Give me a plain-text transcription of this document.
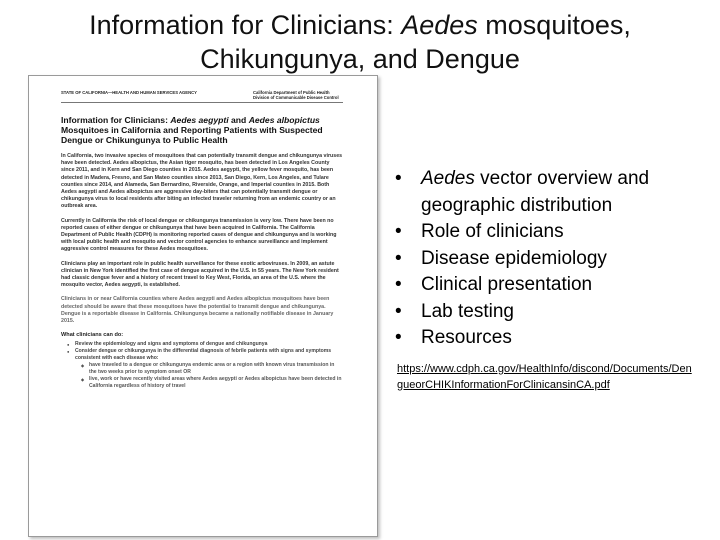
Information for Clinicians: Aedes mosquitoes,
Chikungunya, and Dengue
STATE OF CALIFORNIA—HEALTH AND HUMAN SERVICES AGENCY	California Department of Public Health
Division of Communicable Disease Control
Information for Clinicians: Aedes aegypti and Aedes albopictus Mosquitoes in California and Reporting Patients with Suspected Dengue or Chikungunya to Public Health
In California, two invasive species of mosquitoes that can potentially transmit dengue and chikungunya viruses have been detected. Aedes albopictus, the Asian tiger mosquito, has been detected in Los Angeles County since 2011, and in Kern and San Diego counties in 2015. Aedes aegypti, the yellow fever mosquito, has been detected in Madera, Fresno, and San Mateo counties since 2013, San Diego, Kern, Los Angeles, and Tulare counties since 2014, and Alameda, San Bernardino, Riverside, Orange, and Imperial counties in 2015. Both Aedes aegypti and Aedes albopictus are aggressive day-biters that can potentially transmit dengue or chikungunya virus to local residents after biting an infected traveler returning from an endemic country or an outbreak area.
Currently in California the risk of local dengue or chikungunya transmission is very low. There have been no reported cases of either dengue or chikungunya that have been acquired in California. The California Department of Public Health (CDPH) is monitoring reported cases of dengue and chikungunya and is working with local public health and mosquito and vector control agencies to enhance surveillance and implement aggressive control measures for these Aedes mosquitoes.
Clinicians play an important role in public health surveillance for these exotic arboviruses. In 2009, an astute clinician in New York identified the first case of dengue acquired in the U.S. in 55 years. The New York resident had classic dengue fever and a history of recent travel to Key West, Florida, an area of the U.S. where the mosquito vector, Aedes aegypti, is established.
Clinicians in or near California counties where Aedes aegypti and Aedes albopictus mosquitoes have been detected should be aware that these mosquitoes have the potential to transmit dengue and chikungunya. Dengue is a reportable disease in California. Chikungunya became a nationally notifiable disease in January 2015.
What clinicians can do:
● Review the epidemiology and signs and symptoms of dengue and chikungunya
● Consider dengue or chikungunya in the differential diagnosis of febrile patients with signs and symptoms consistent with each disease who:
◆ have traveled to a dengue or chikungunya endemic area or a region with known virus transmission in the two weeks prior to symptom onset OR
◆ live, work or have recently visited areas where Aedes aegypti or Aedes albopictus have been detected in California regardless of history of travel
• Aedes vector overview and geographic distribution
• Role of clinicians
• Disease epidemiology
• Clinical presentation
• Lab testing
• Resources
https://www.cdph.ca.gov/HealthInfo/discond/Documents/DengueorCHIKInformationForClinicansinCA.pdf
